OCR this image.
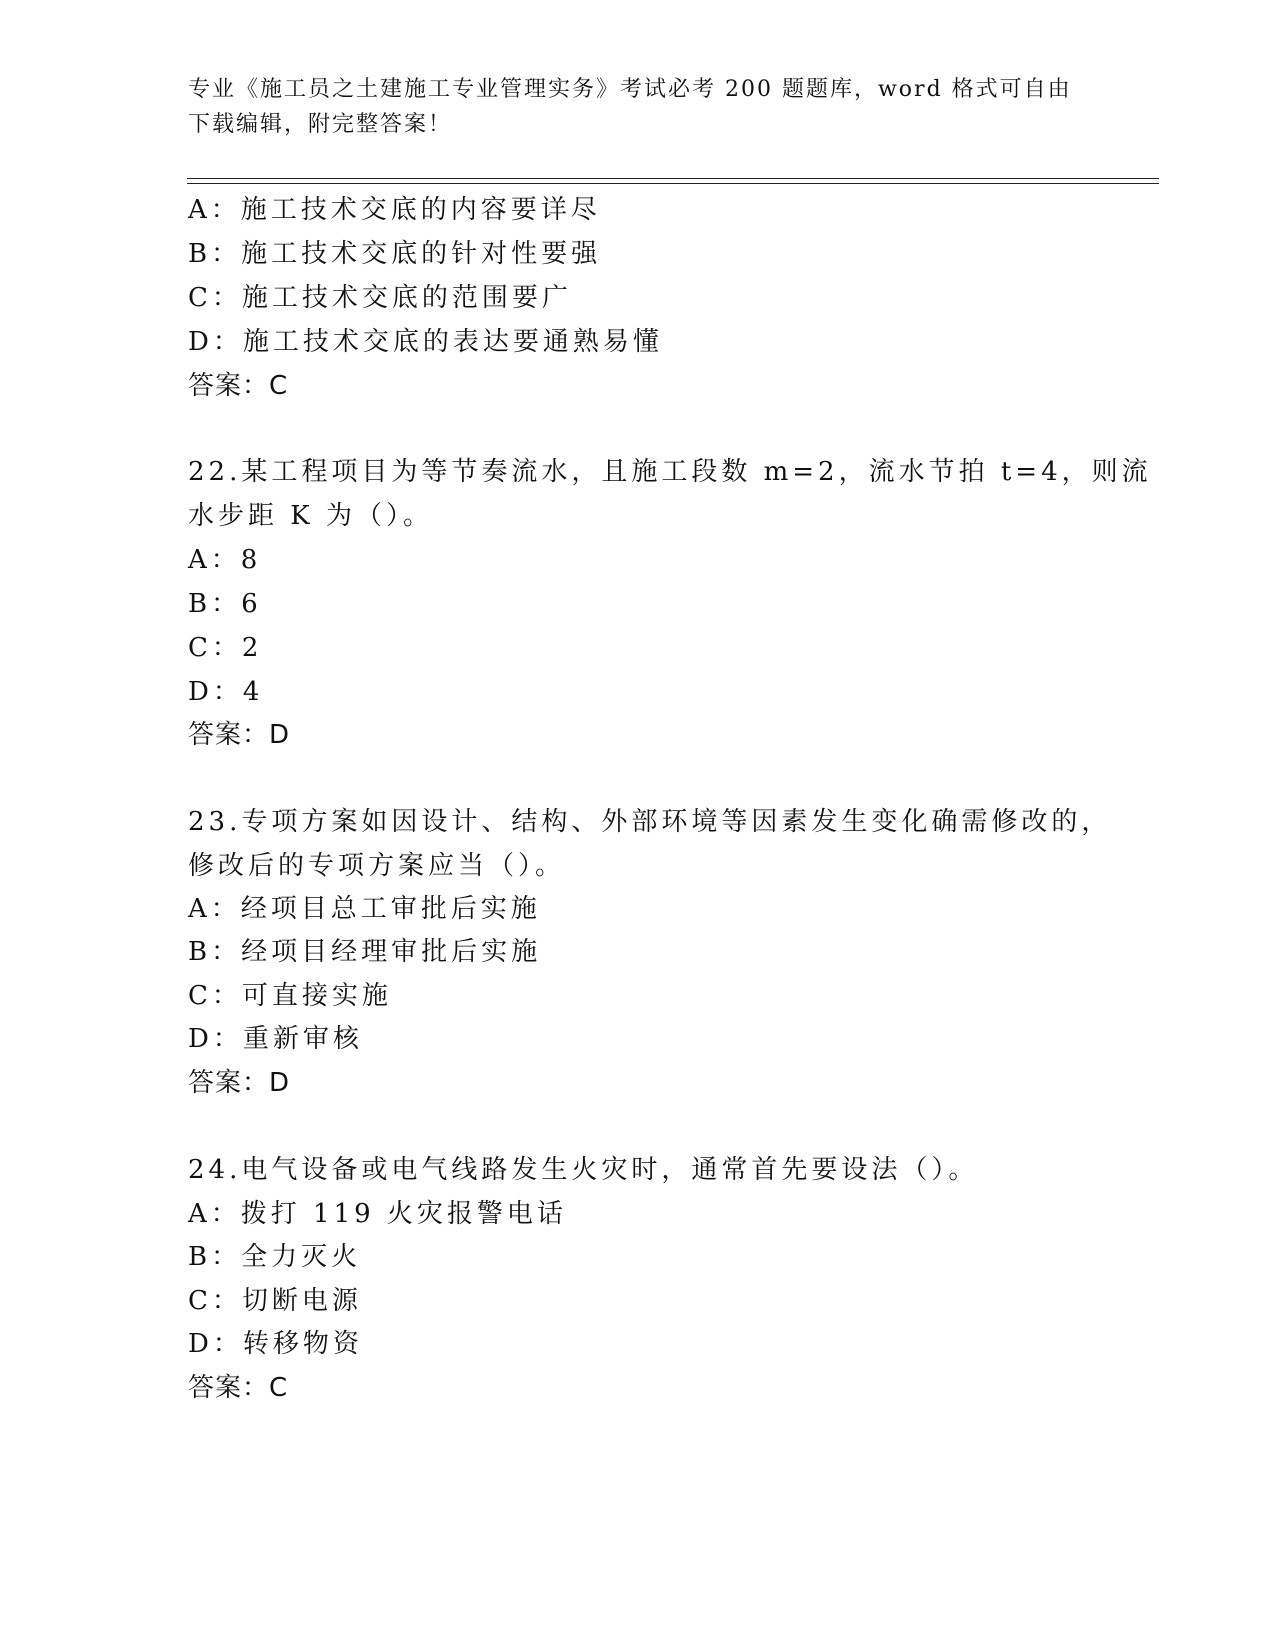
专业《施工员之土建施工专业管理实务》考试必考 200 题题库，word 格式可自由
下载编辑，附完整答案！
A：施工技术交底的内容要详尽
B：施工技术交底的针对性要强
C：施工技术交底的范围要广
D：施工技术交底的表达要通熟易懂
答案：C
22.某工程项目为等节奏流水，且施工段数 m=2，流水节拍 t=4，则流
水步距 K 为（）。
A：8
B：6
C：2
D：4
答案：D
23.专项方案如因设计、结构、外部环境等因素发生变化确需修改的，
修改后的专项方案应当（）。
A：经项目总工审批后实施
B：经项目经理审批后实施
C：可直接实施
D：重新审核
答案：D
24.电气设备或电气线路发生火灾时，通常首先要设法（）。
A：拨打 119 火灾报警电话
B：全力灭火
C：切断电源
D：转移物资
答案：C
